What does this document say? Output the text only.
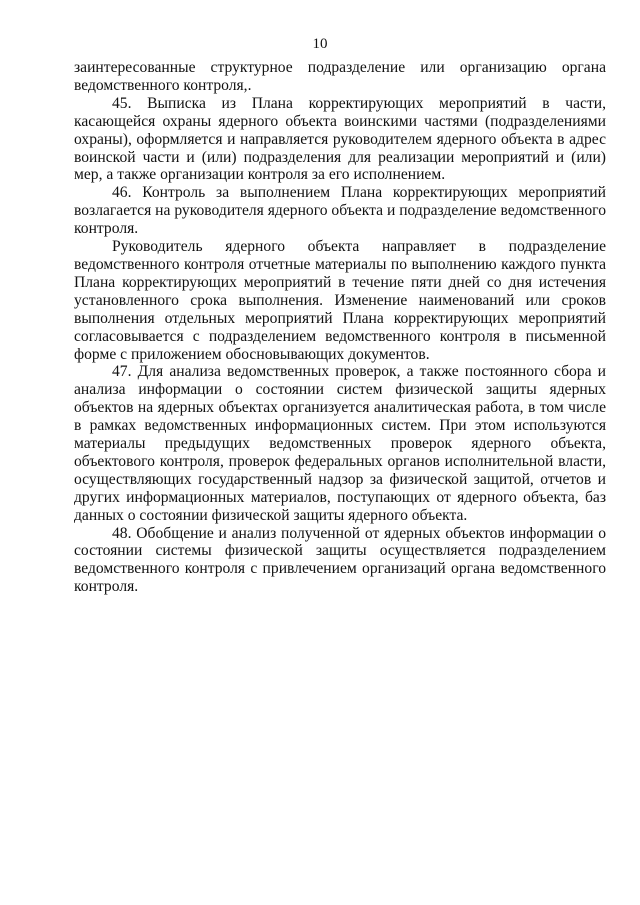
10

заинтересованные структурное подразделение или организацию органа ведомственного контроля,.

45. Выписка из Плана корректирующих мероприятий в части, касающейся охраны ядерного объекта воинскими частями (подразделениями охраны), оформляется и направляется руководителем ядерного объекта в адрес воинской части и (или) подразделения для реализации мероприятий и (или) мер, а также организации контроля за его исполнением.

46. Контроль за выполнением Плана корректирующих мероприятий возлагается на руководителя ядерного объекта и подразделение ведомственного контроля.

Руководитель ядерного объекта направляет в подразделение ведомственного контроля отчетные материалы по выполнению каждого пункта Плана корректирующих мероприятий в течение пяти дней со дня истечения установленного срока выполнения. Изменение наименований или сроков выполнения отдельных мероприятий Плана корректирующих мероприятий согласовывается с подразделением ведомственного контроля в письменной форме с приложением обосновывающих документов.

47. Для анализа ведомственных проверок, а также постоянного сбора и анализа информации о состоянии систем физической защиты ядерных объектов на ядерных объектах организуется аналитическая работа, в том числе в рамках ведомственных информационных систем. При этом используются материалы предыдущих ведомственных проверок ядерного объекта, объектового контроля, проверок федеральных органов исполнительной власти, осуществляющих государственный надзор за физической защитой, отчетов и других информационных материалов, поступающих от ядерного объекта, баз данных о состоянии физической защиты ядерного объекта.

48. Обобщение и анализ полученной от ядерных объектов информации о состоянии системы физической защиты осуществляется подразделением ведомственного контроля с привлечением организаций органа ведомственного контроля.
